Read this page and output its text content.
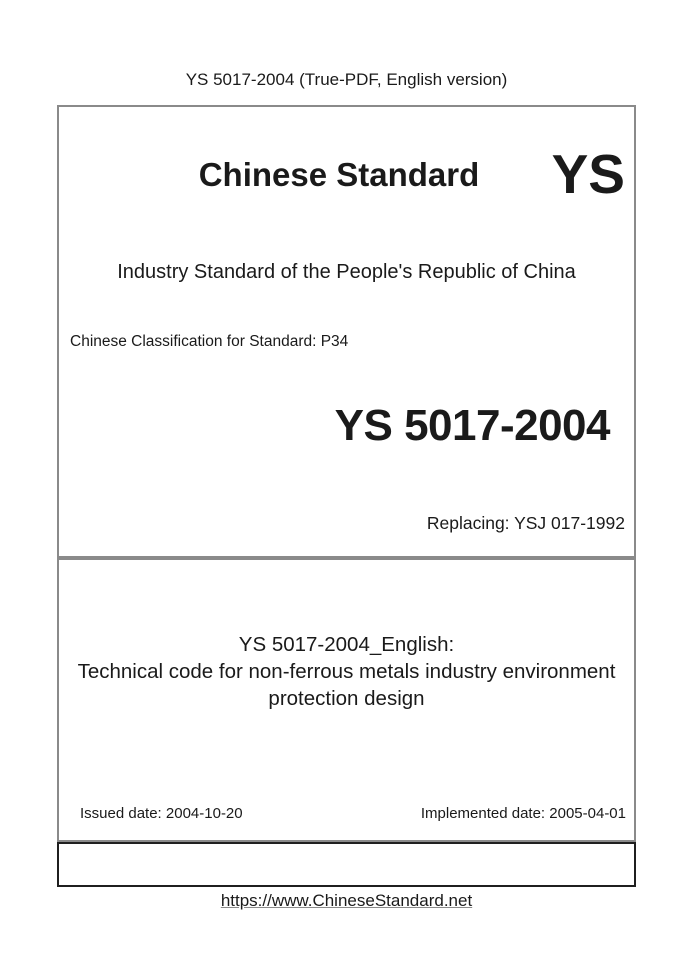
YS 5017-2004 (True-PDF, English version)
Chinese Standard	YS
Industry Standard of the People's Republic of China
Chinese Classification for Standard: P34
YS 5017-2004
Replacing: YSJ 017-1992
YS 5017-2004_English:
Technical code for non-ferrous metals industry environment
protection design
Issued date: 2004-10-20	Implemented date: 2005-04-01
https://www.ChineseStandard.net
